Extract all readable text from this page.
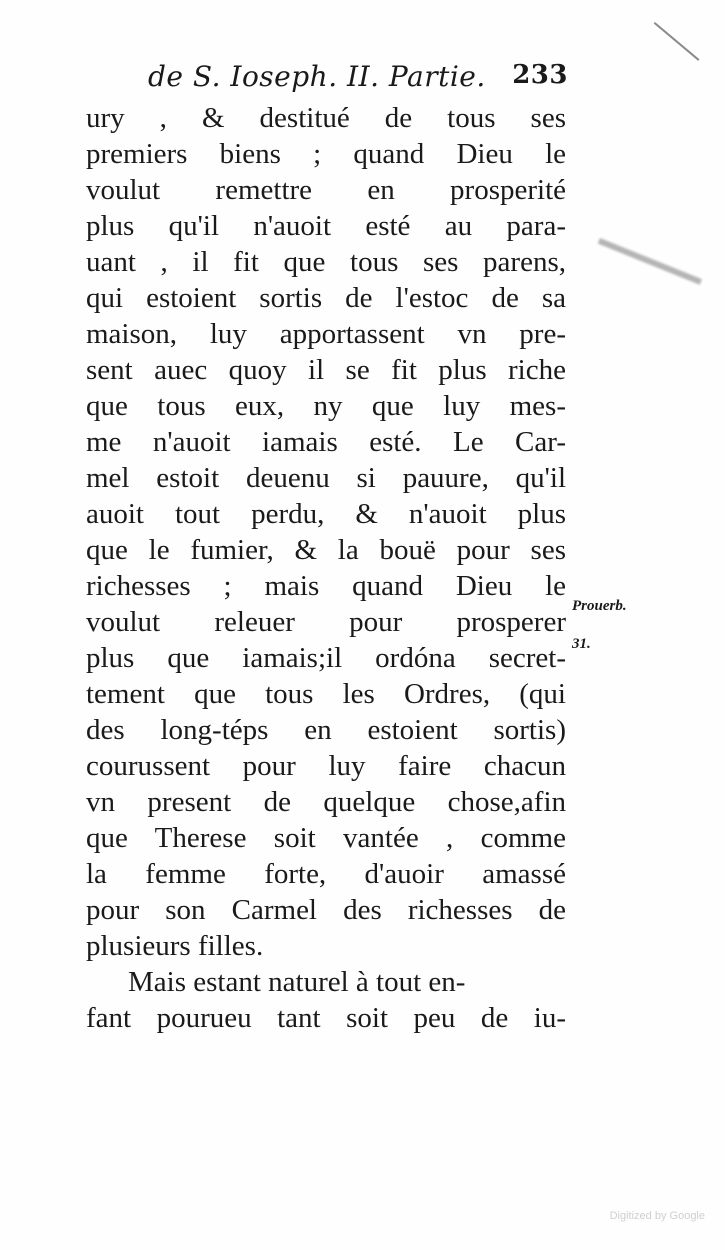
de S. Ioseph. II. Partie. 233
ury , & destitué de tous ses
premiers biens ; quand Dieu le
voulut remettre en prosperité
plus qu'il n'auoit esté au para-
uant , il fit que tous ses parens,
qui estoient sortis de l'estoc de sa
maison, luy apportassent vn pre-
sent auec quoy il se fit plus riche
que tous eux, ny que luy mes-
me n'auoit iamais esté. Le Car-
mel estoit deuenu si pauure, qu'il
auoit tout perdu, & n'auoit plus
que le fumier, & la bouë pour ses
richesses ; mais quand Dieu le
voulut releuer pour prosperer
plus que iamais;il ordóna secret-
tement que tous les Ordres, (qui
des long-téps en estoient sortis)
courussent pour luy faire chacun
vn present de quelque chose,afin
que Therese soit vantée , comme
la femme forte, d'auoir amassé
pour son Carmel des richesses de
plusieurs filles.
Mais estant naturel à tout en-
fant pourueu tant soit peu de iu-
Prouerb.
31.
Digitized by Google
